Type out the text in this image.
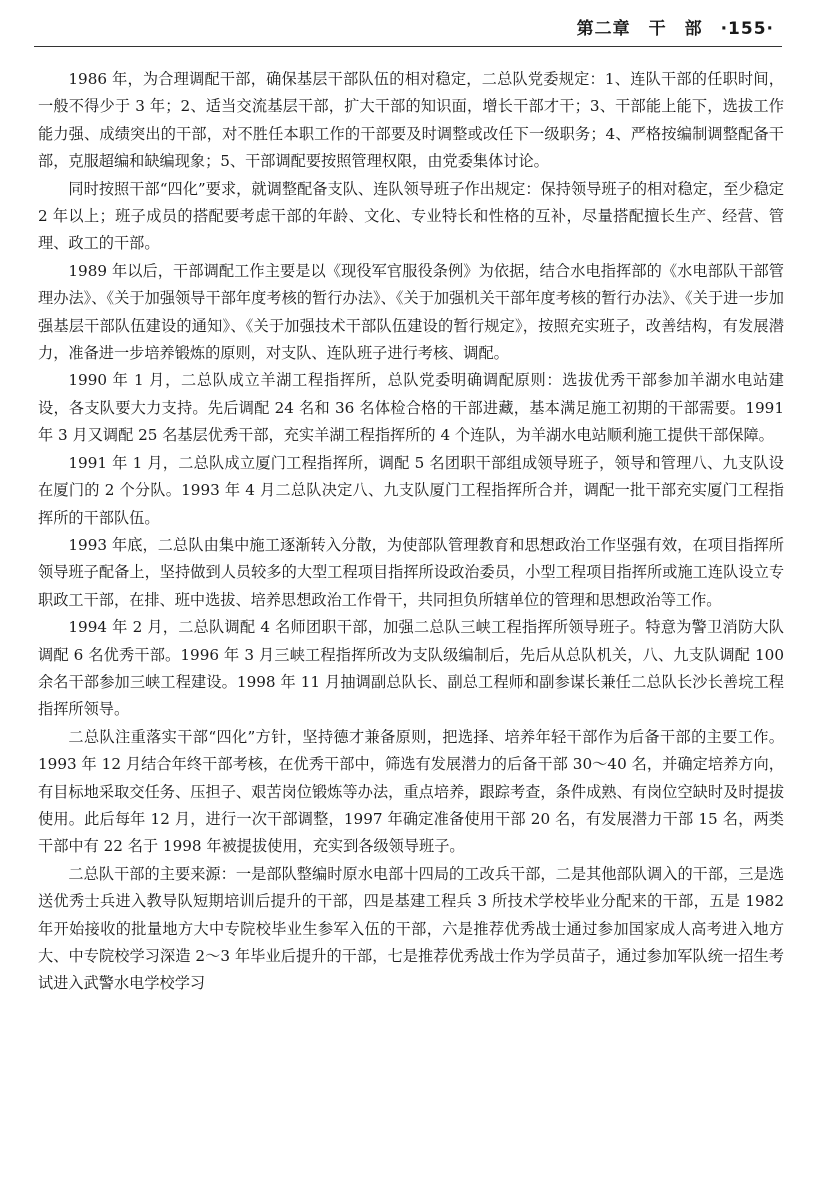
第二章　干　部　·155·

1986 年，为合理调配干部，确保基层干部队伍的相对稳定，二总队党委规定：1、连队干部的任职时间，一般不得少于 3 年；2、适当交流基层干部，扩大干部的知识面，增长干部才干；3、干部能上能下，选拔工作能力强、成绩突出的干部，对不胜任本职工作的干部要及时调整或改任下一级职务；4、严格按编制调整配备干部，克服超编和缺编现象；5、干部调配要按照管理权限，由党委集体讨论。

同时按照干部“四化”要求，就调整配备支队、连队领导班子作出规定：保持领导班子的相对稳定，至少稳定 2 年以上；班子成员的搭配要考虑干部的年龄、文化、专业特长和性格的互补，尽量搭配擅长生产、经营、管理、政工的干部。

1989 年以后，干部调配工作主要是以《现役军官服役条例》为依据，结合水电指挥部的《水电部队干部管理办法》、《关于加强领导干部年度考核的暂行办法》、《关于加强机关干部年度考核的暂行办法》、《关于进一步加强基层干部队伍建设的通知》、《关于加强技术干部队伍建设的暂行规定》，按照充实班子，改善结构，有发展潜力，准备进一步培养锻炼的原则，对支队、连队班子进行考核、调配。

1990 年 1 月，二总队成立羊湖工程指挥所，总队党委明确调配原则：选拔优秀干部参加羊湖水电站建设，各支队要大力支持。先后调配 24 名和 36 名体检合格的干部进藏，基本满足施工初期的干部需要。1991 年 3 月又调配 25 名基层优秀干部，充实羊湖工程指挥所的 4 个连队，为羊湖水电站顺利施工提供干部保障。

1991 年 1 月，二总队成立厦门工程指挥所，调配 5 名团职干部组成领导班子，领导和管理八、九支队设在厦门的 2 个分队。1993 年 4 月二总队决定八、九支队厦门工程指挥所合并，调配一批干部充实厦门工程指挥所的干部队伍。

1993 年底，二总队由集中施工逐渐转入分散，为使部队管理教育和思想政治工作坚强有效，在项目指挥所领导班子配备上，坚持做到人员较多的大型工程项目指挥所设政治委员，小型工程项目指挥所或施工连队设立专职政工干部，在排、班中选拔、培养思想政治工作骨干，共同担负所辖单位的管理和思想政治等工作。

1994 年 2 月，二总队调配 4 名师团职干部，加强二总队三峡工程指挥所领导班子。特意为警卫消防大队调配 6 名优秀干部。1996 年 3 月三峡工程指挥所改为支队级编制后，先后从总队机关，八、九支队调配 100 余名干部参加三峡工程建设。1998 年 11 月抽调副总队长、副总工程师和副参谋长兼任二总队长沙长善垸工程指挥所领导。

二总队注重落实干部“四化”方针，坚持德才兼备原则，把选择、培养年轻干部作为后备干部的主要工作。1993 年 12 月结合年终干部考核，在优秀干部中，筛选有发展潜力的后备干部 30～40 名，并确定培养方向，有目标地采取交任务、压担子、艰苦岗位锻炼等办法，重点培养，跟踪考查，条件成熟、有岗位空缺时及时提拔使用。此后每年 12 月，进行一次干部调整，1997 年确定准备使用干部 20 名，有发展潜力干部 15 名，两类干部中有 22 名于 1998 年被提拔使用，充实到各级领导班子。

二总队干部的主要来源：一是部队整编时原水电部十四局的工改兵干部，二是其他部队调入的干部，三是选送优秀士兵进入教导队短期培训后提升的干部，四是基建工程兵 3 所技术学校毕业分配来的干部，五是 1982 年开始接收的批量地方大中专院校毕业生参军入伍的干部，六是推荐优秀战士通过参加国家成人高考进入地方大、中专院校学习深造 2～3 年毕业后提升的干部，七是推荐优秀战士作为学员苗子，通过参加军队统一招生考试进入武警水电学校学习
